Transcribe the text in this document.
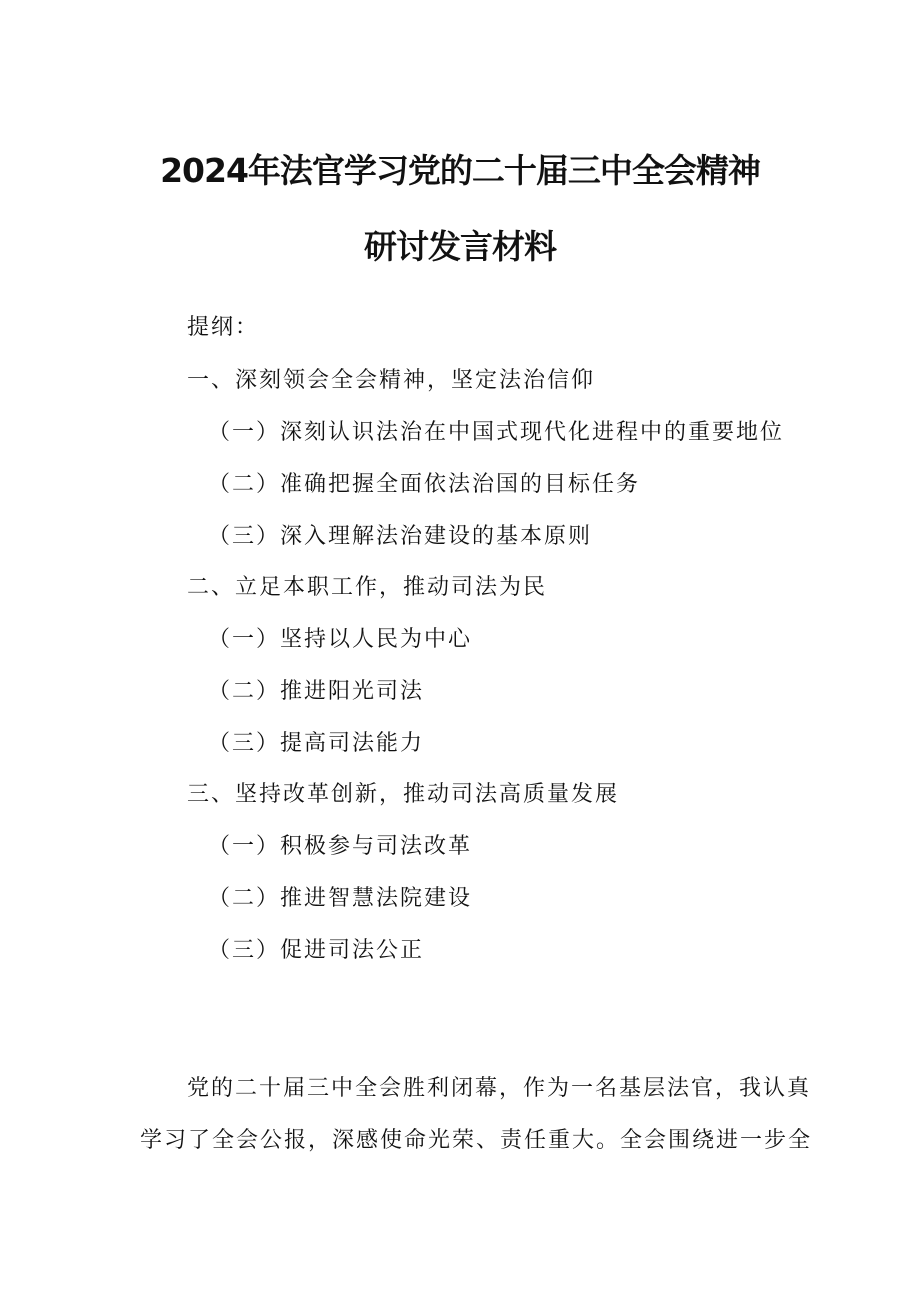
2024年法官学习党的二十届三中全会精神
研讨发言材料
提纲：
一、深刻领会全会精神，坚定法治信仰
（一）深刻认识法治在中国式现代化进程中的重要地位
（二）准确把握全面依法治国的目标任务
（三）深入理解法治建设的基本原则
二、立足本职工作，推动司法为民
（一）坚持以人民为中心
（二）推进阳光司法
（三）提高司法能力
三、坚持改革创新，推动司法高质量发展
（一）积极参与司法改革
（二）推进智慧法院建设
（三）促进司法公正
党的二十届三中全会胜利闭幕，作为一名基层法官，我认真
学习了全会公报，深感使命光荣、责任重大。全会围绕进一步全
